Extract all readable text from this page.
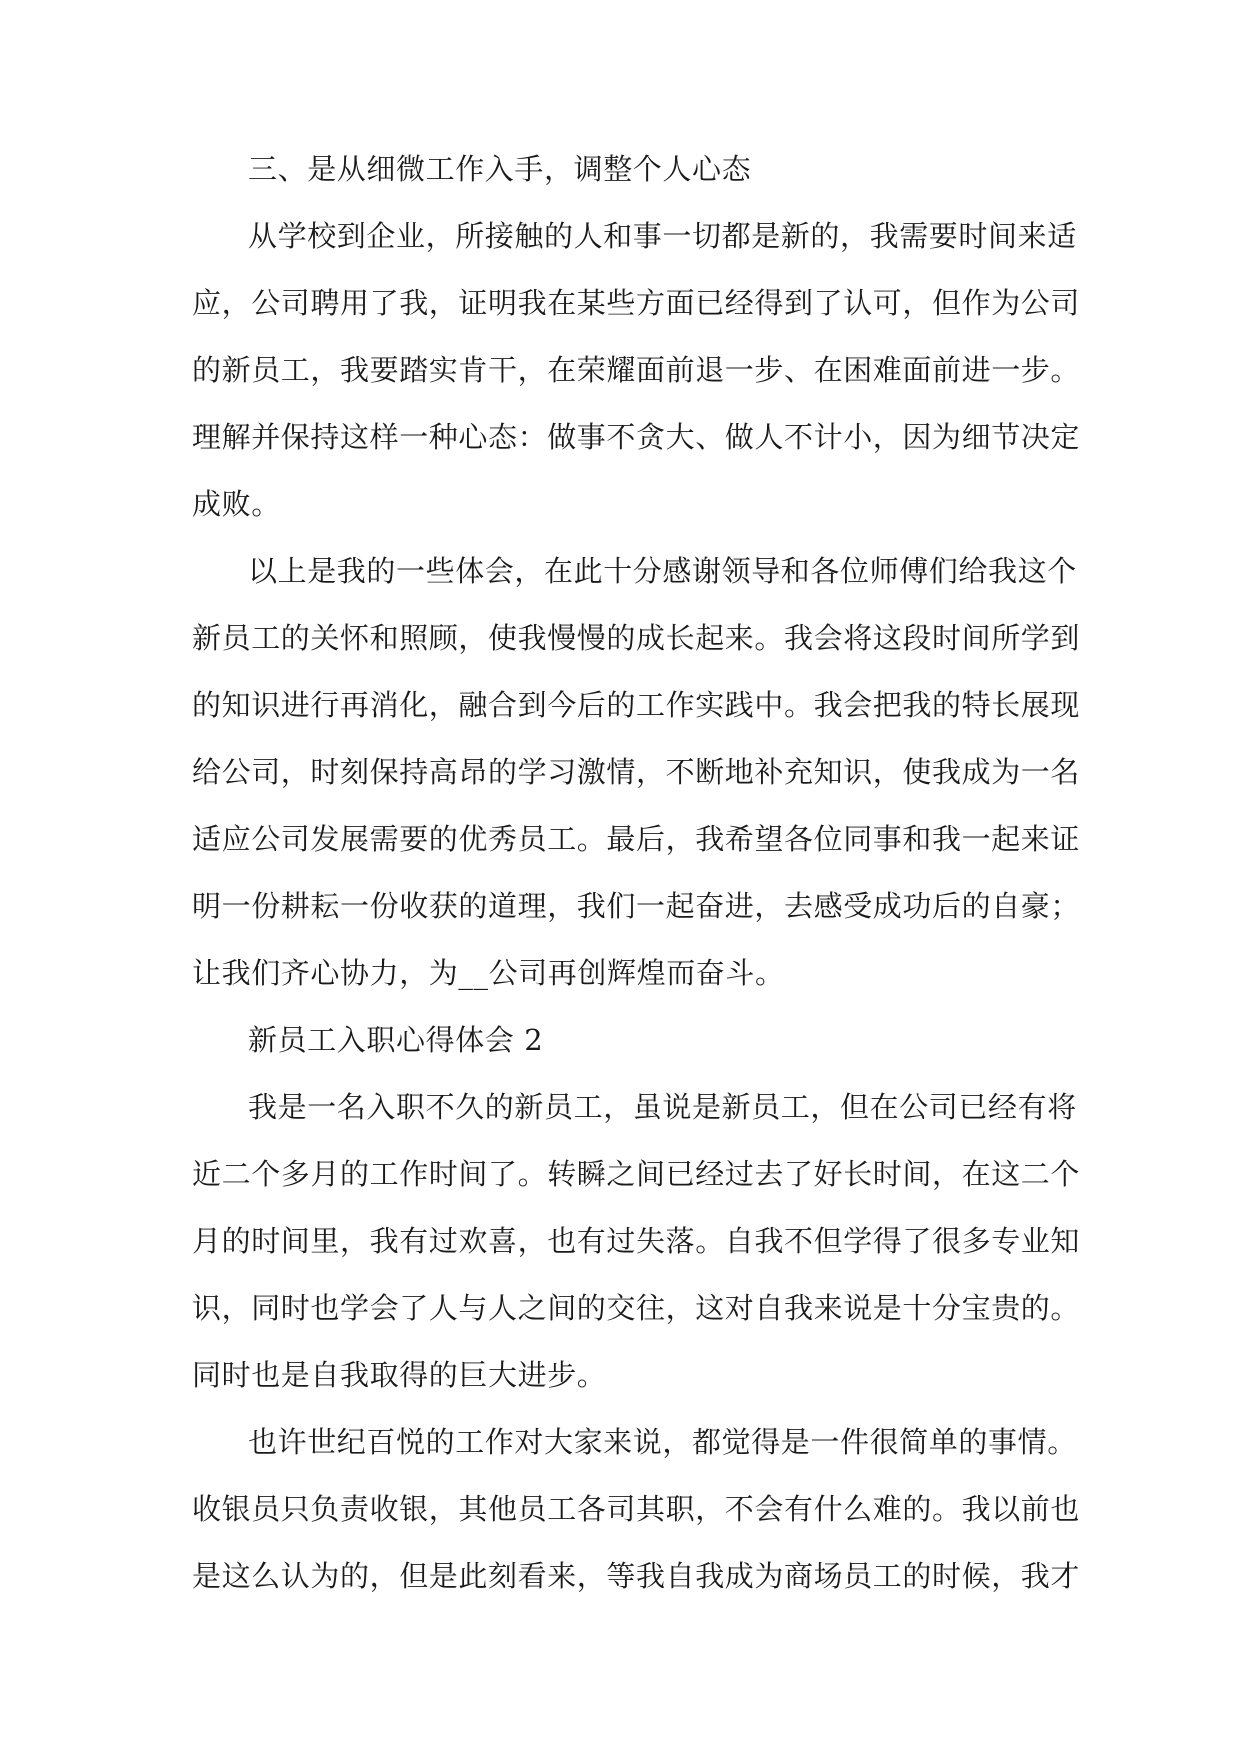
三、是从细微工作入手，调整个人心态

从学校到企业，所接触的人和事一切都是新的，我需要时间来适

应，公司聘用了我，证明我在某些方面已经得到了认可，但作为公司

的新员工，我要踏实肯干，在荣耀面前退一步、在困难面前进一步。

理解并保持这样一种心态：做事不贪大、做人不计小，因为细节决定

成败。

以上是我的一些体会，在此十分感谢领导和各位师傅们给我这个

新员工的关怀和照顾，使我慢慢的成长起来。我会将这段时间所学到

的知识进行再消化，融合到今后的工作实践中。我会把我的特长展现

给公司，时刻保持高昂的学习激情，不断地补充知识，使我成为一名

适应公司发展需要的优秀员工。最后，我希望各位同事和我一起来证

明一份耕耘一份收获的道理，我们一起奋进，去感受成功后的自豪；

让我们齐心协力，为__公司再创辉煌而奋斗。

新员工入职心得体会 2

我是一名入职不久的新员工，虽说是新员工，但在公司已经有将

近二个多月的工作时间了。转瞬之间已经过去了好长时间，在这二个

月的时间里，我有过欢喜，也有过失落。自我不但学得了很多专业知

识，同时也学会了人与人之间的交往，这对自我来说是十分宝贵的。

同时也是自我取得的巨大进步。

也许世纪百悦的工作对大家来说，都觉得是一件很简单的事情。

收银员只负责收银，其他员工各司其职，不会有什么难的。我以前也

是这么认为的，但是此刻看来，等我自我成为商场员工的时候，我才
